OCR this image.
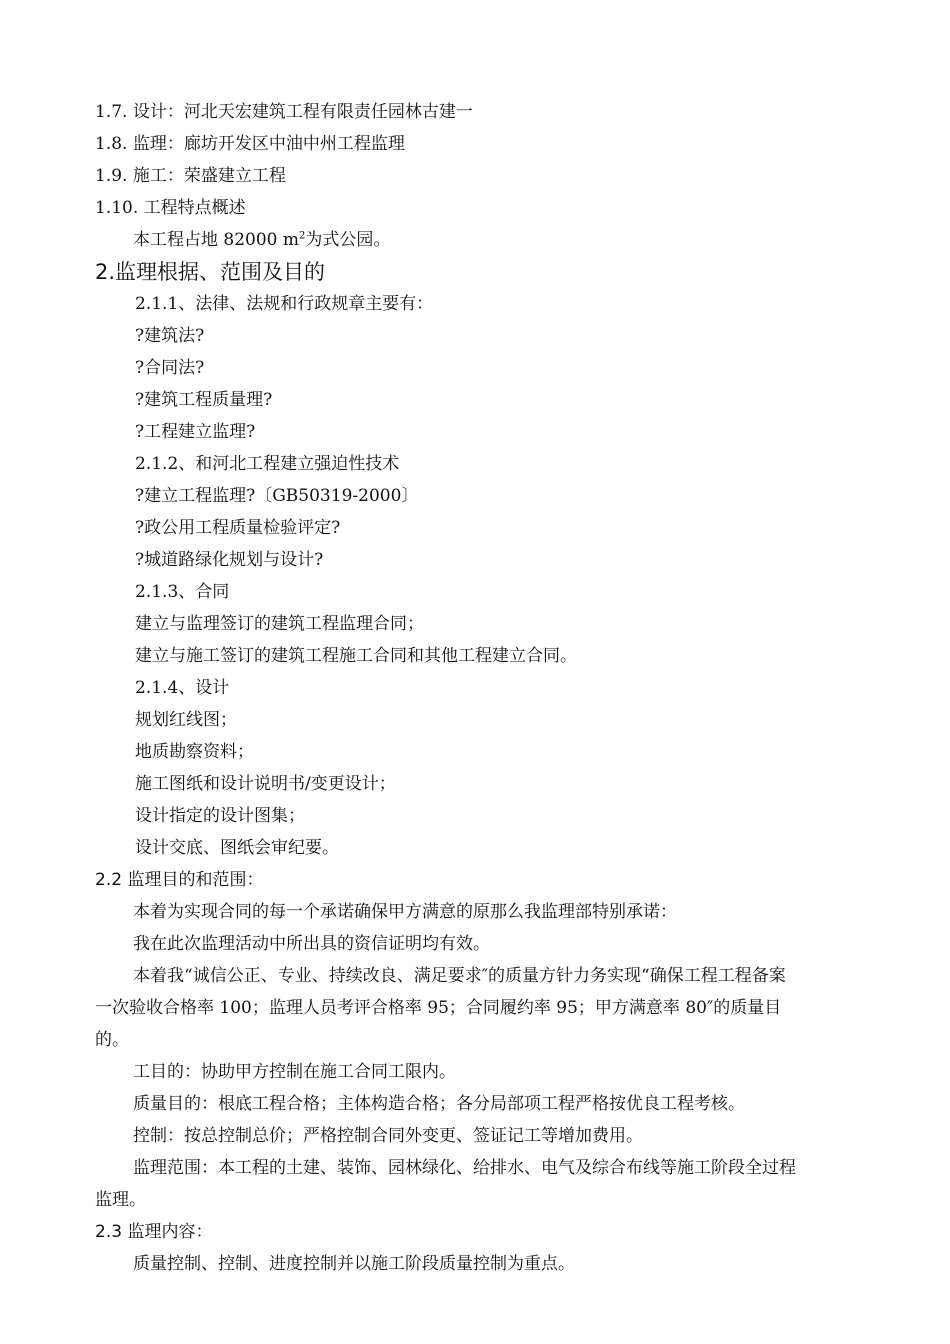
1.7. 设计：河北天宏建筑工程有限责任园林古建一
1.8. 监理：廊坊开发区中油中州工程监理
1.9. 施工：荣盛建立工程
1.10. 工程特点概述
本工程占地 82000 $m^2$为式公园。
2.监理根据、范围及目的
2.1.1、法律、法规和行政规章主要有：
?建筑法?
?合同法?
?建筑工程质量理?
?工程建立监理?
2.1.2、和河北工程建立强迫性技术
?建立工程监理?〔GB50319-2000〕
?政公用工程质量检验评定?
?城道路绿化规划与设计?
2.1.3、合同
建立与监理签订的建筑工程监理合同；
建立与施工签订的建筑工程施工合同和其他工程建立合同。
2.1.4、设计
规划红线图；
地质勘察资料；
施工图纸和设计说明书/变更设计；
设计指定的设计图集；
设计交底、图纸会审纪要。
2.2 监理目的和范围：
本着为实现合同的每一个承诺确保甲方满意的原那么我监理部特别承诺：
我在此次监理活动中所出具的资信证明均有效。
本着我“诚信公正、专业、持续改良、满足要求″的质量方针力务实现“确保工程工程备案
一次验收合格率 100；监理人员考评合格率 95；合同履约率 95；甲方满意率 80″的质量目
的。
工目的：协助甲方控制在施工合同工限内。
质量目的：根底工程合格；主体构造合格；各分局部项工程严格按优良工程考核。
控制：按总控制总价；严格控制合同外变更、签证记工等增加费用。
监理范围：本工程的土建、装饰、园林绿化、给排水、电气及综合布线等施工阶段全过程
监理。
2.3 监理内容：
质量控制、控制、进度控制并以施工阶段质量控制为重点。
